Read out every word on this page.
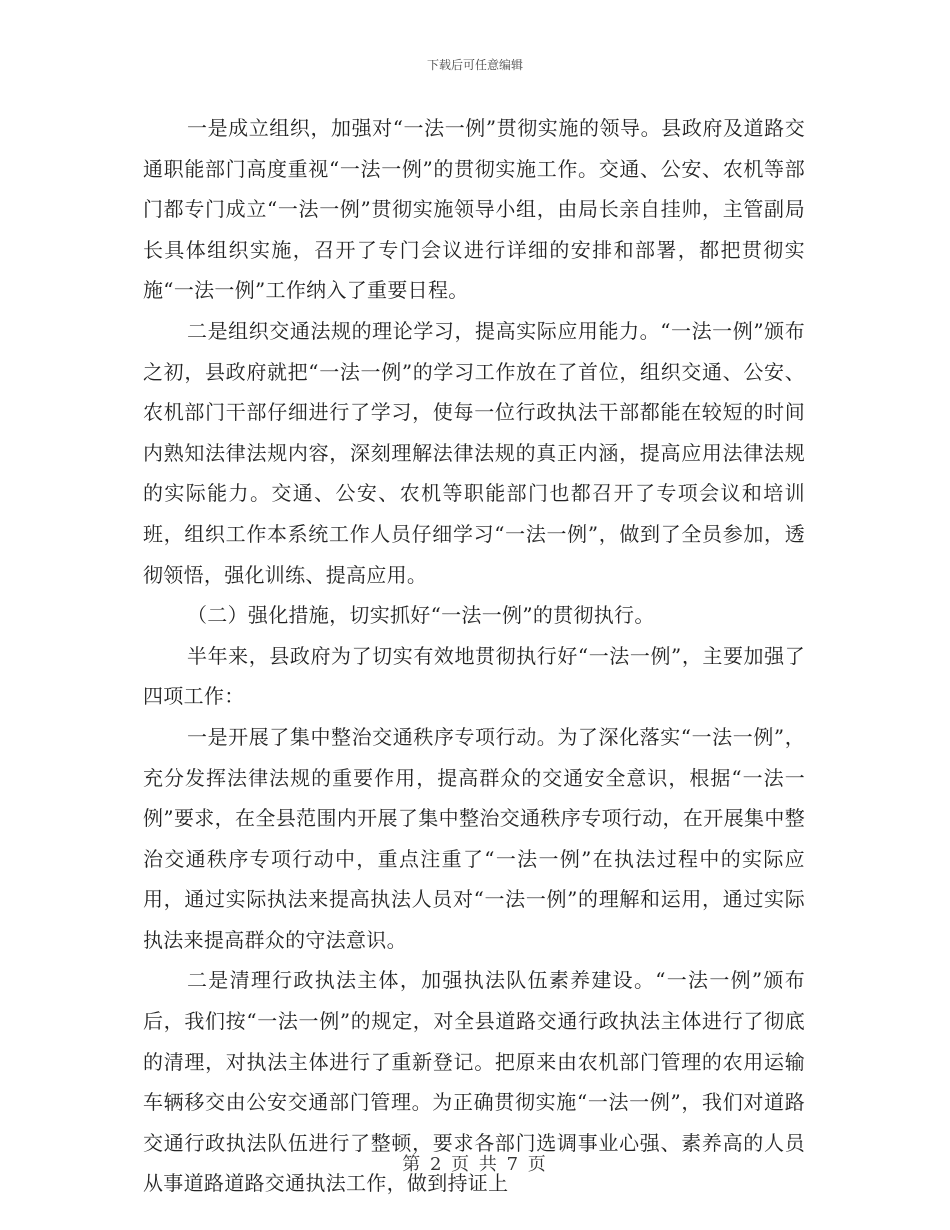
下载后可任意编辑

一是成立组织，加强对“一法一例”贯彻实施的领导。县政府及道路交通职能部门高度重视“一法一例”的贯彻实施工作。交通、公安、农机等部门都专门成立“一法一例”贯彻实施领导小组，由局长亲自挂帅，主管副局长具体组织实施，召开了专门会议进行详细的安排和部署，都把贯彻实施“一法一例”工作纳入了重要日程。

二是组织交通法规的理论学习，提高实际应用能力。“一法一例”颁布之初，县政府就把“一法一例”的学习工作放在了首位，组织交通、公安、农机部门干部仔细进行了学习，使每一位行政执法干部都能在较短的时间内熟知法律法规内容，深刻理解法律法规的真正内涵，提高应用法律法规的实际能力。交通、公安、农机等职能部门也都召开了专项会议和培训班，组织工作本系统工作人员仔细学习“一法一例”，做到了全员参加，透彻领悟，强化训练、提高应用。

（二）强化措施，切实抓好“一法一例”的贯彻执行。

半年来，县政府为了切实有效地贯彻执行好“一法一例”，主要加强了四项工作：

一是开展了集中整治交通秩序专项行动。为了深化落实“一法一例”，充分发挥法律法规的重要作用，提高群众的交通安全意识，根据“一法一例”要求，在全县范围内开展了集中整治交通秩序专项行动，在开展集中整治交通秩序专项行动中，重点注重了“一法一例”在执法过程中的实际应用，通过实际执法来提高执法人员对“一法一例”的理解和运用，通过实际执法来提高群众的守法意识。

二是清理行政执法主体，加强执法队伍素养建设。“一法一例”颁布后，我们按“一法一例”的规定，对全县道路交通行政执法主体进行了彻底的清理，对执法主体进行了重新登记。把原来由农机部门管理的农用运输车辆移交由公安交通部门管理。为正确贯彻实施“一法一例”，我们对道路交通行政执法队伍进行了整顿，要求各部门选调事业心强、素养高的人员从事道路道路交通执法工作，做到持证上

第 2 页 共 7 页
